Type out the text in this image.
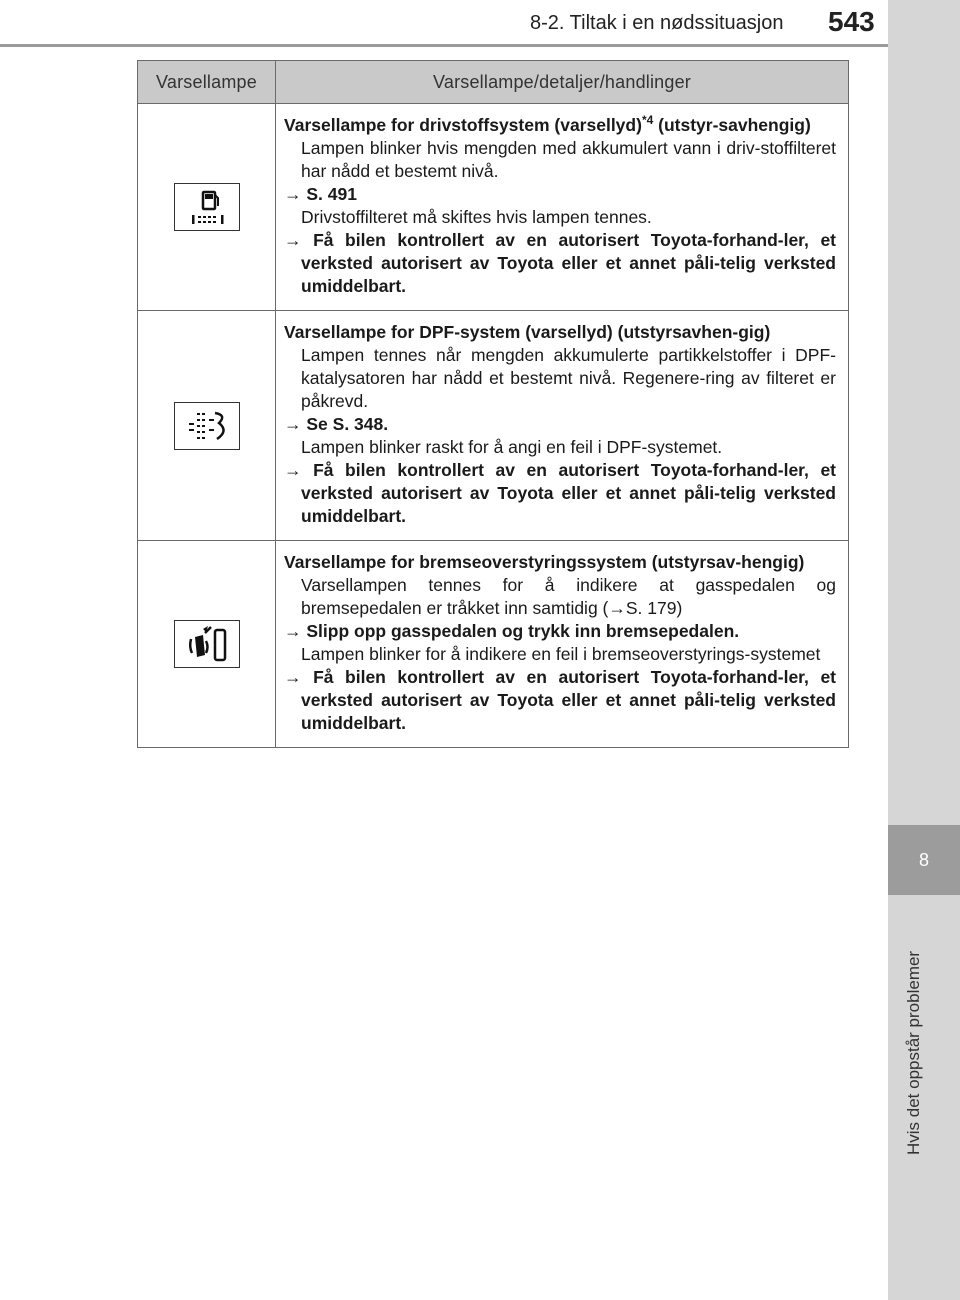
8-2. Tiltak i en nødssituasjon 543
8
Hvis det oppstår problemer
Varsellampe	Varsellampe/detaljer/handlinger

Varsellampe for drivstoffsystem (varsellyd)$^{*4}$ (utstyr-savhengig)
Lampen blinker hvis mengden med akkumulert vann i driv-stoffilteret har nådd et bestemt nivå.
→ S. 491
Drivstoffilteret må skiftes hvis lampen tennes.
→ Få bilen kontrollert av en autorisert Toyota-forhand-ler, et verksted autorisert av Toyota eller et annet påli-telig verksted umiddelbart.

Varsellampe for DPF-system (varsellyd) (utstyrsavhen-gig)
Lampen tennes når mengden akkumulerte partikkelstoffer i DPF-katalysatoren har nådd et bestemt nivå. Regenere-ring av filteret er påkrevd.
→ Se S. 348.
Lampen blinker raskt for å angi en feil i DPF-systemet.
→ Få bilen kontrollert av en autorisert Toyota-forhand-ler, et verksted autorisert av Toyota eller et annet påli-telig verksted umiddelbart.

Varsellampe for bremseoverstyringssystem (utstyrsav-hengig)
Varsellampen tennes for å indikere at gasspedalen og bremsepedalen er tråkket inn samtidig (→S. 179)
→ Slipp opp gasspedalen og trykk inn bremsepedalen.
Lampen blinker for å indikere en feil i bremseoverstyrings-systemet
→ Få bilen kontrollert av en autorisert Toyota-forhand-ler, et verksted autorisert av Toyota eller et annet påli-telig verksted umiddelbart.
